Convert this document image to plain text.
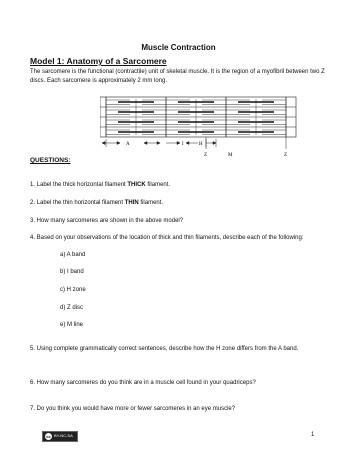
Muscle Contraction
Model 1: Anatomy of a Sarcomere
The sarcomere is the functional (contractile) unit of skeletal muscle. It is the region of a myofibril between two Z discs. Each sarcomere is approximately 2 mm long.
A	I	H
Z	M	Z
QUESTIONS:
1. Label the thick horizontal filament THICK filament.
2. Label the thin horizontal filament THIN filament.
3. How many sarcomeres are shown in the above model?
4. Based on your observations of the location of thick and thin filaments, describe each of the following:
a) A band
b) I band
c) H zone
d) Z disc
e) M line
5. Using complete grammatically correct sentences, describe how the H zone differs from the A band.
6. How many sarcomeres do you think are in a muscle cell found in your quadriceps?
7. Do you think you would have more or fewer sarcomeres in an eye muscle?
cc BY-NC-SA	1
